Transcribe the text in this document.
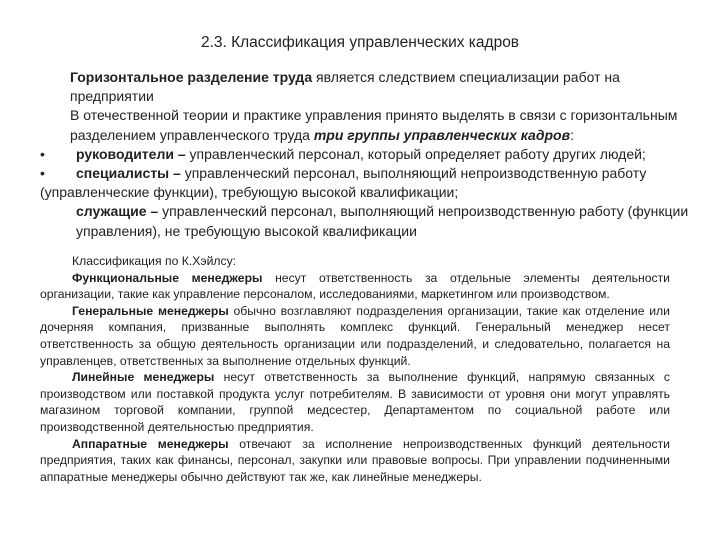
2.3. Классификация управленческих кадров

Горизонтальное разделение труда является следствием специализации работ на предприятии

В отечественной теории и практике управления принято выделять в связи с горизонтальным разделением управленческого труда три группы управленческих кадров:

• руководители – управленческий персонал, который определяет работу других людей;

• специалисты – управленческий персонал, выполняющий непроизводственную работу (управленческие функции), требующую высокой квалификации;

служащие – управленческий персонал, выполняющий непроизводственную работу (функции управления), не требующую высокой квалификации

Классификация по К.Хэйлсу:

Функциональные менеджеры несут ответственность за отдельные элементы деятельности организации, такие как управление персоналом, исследованиями, маркетингом или производством.

Генеральные менеджеры обычно возглавляют подразделения организации, такие как отделение или дочерняя компания, призванные выполнять комплекс функций. Генеральный менеджер несет ответственность за общую деятельность организации или подразделений, и следовательно, полагается на управленцев, ответственных за выполнение отдельных функций.

Линейные менеджеры несут ответственность за выполнение функций, напрямую связанных с производством или поставкой продукта услуг потребителям. В зависимости от уровня они могут управлять магазином торговой компании, группой медсестер, Департаментом по социальной работе или производственной деятельностью предприятия.

Аппаратные менеджеры отвечают за исполнение непроизводственных функций деятельности предприятия, таких как финансы, персонал, закупки или правовые вопросы. При управлении подчиненными аппаратные менеджеры обычно действуют так же, как линейные менеджеры.
